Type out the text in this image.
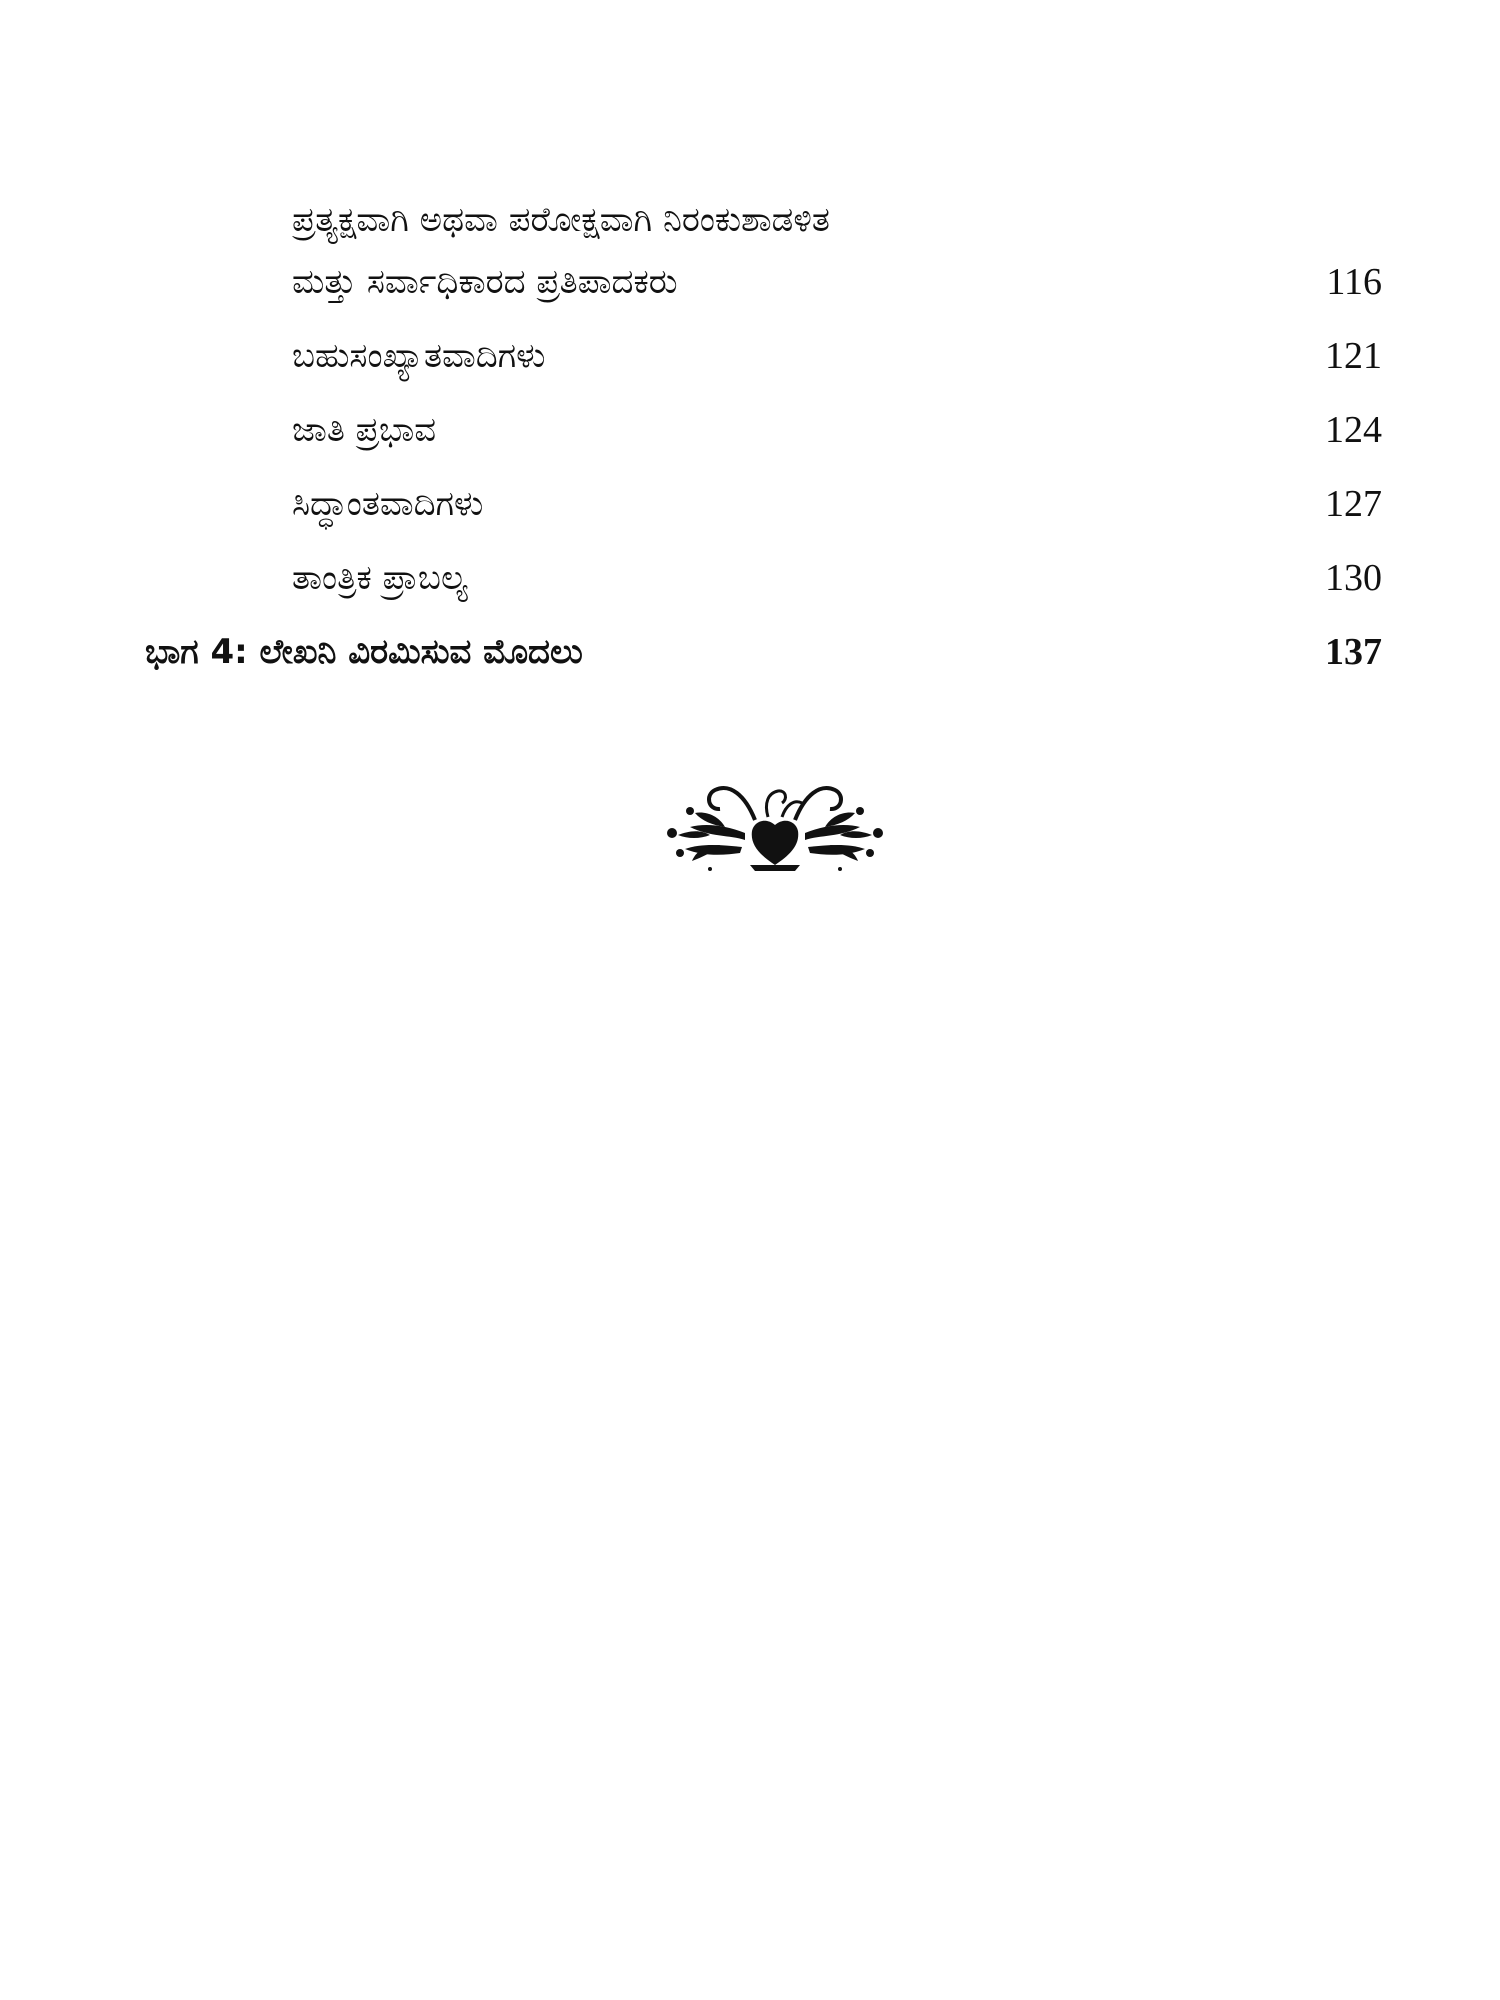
ಪ್ರತ್ಯಕ್ಷವಾಗಿ ಅಥವಾ ಪರೋಕ್ಷವಾಗಿ ನಿರಂಕುಶಾಡಳಿತ
ಮತ್ತು ಸರ್ವಾಧಿಕಾರದ ಪ್ರತಿಪಾದಕರು	116
ಬಹುಸಂಖ್ಯಾತವಾದಿಗಳು	121
ಜಾತಿ ಪ್ರಭಾವ	124
ಸಿದ್ಧಾಂತವಾದಿಗಳು	127
ತಾಂತ್ರಿಕ ಪ್ರಾಬಲ್ಯ	130
ಭಾಗ 4: ಲೇಖನಿ ವಿರಮಿಸುವ ಮೊದಲು	137
